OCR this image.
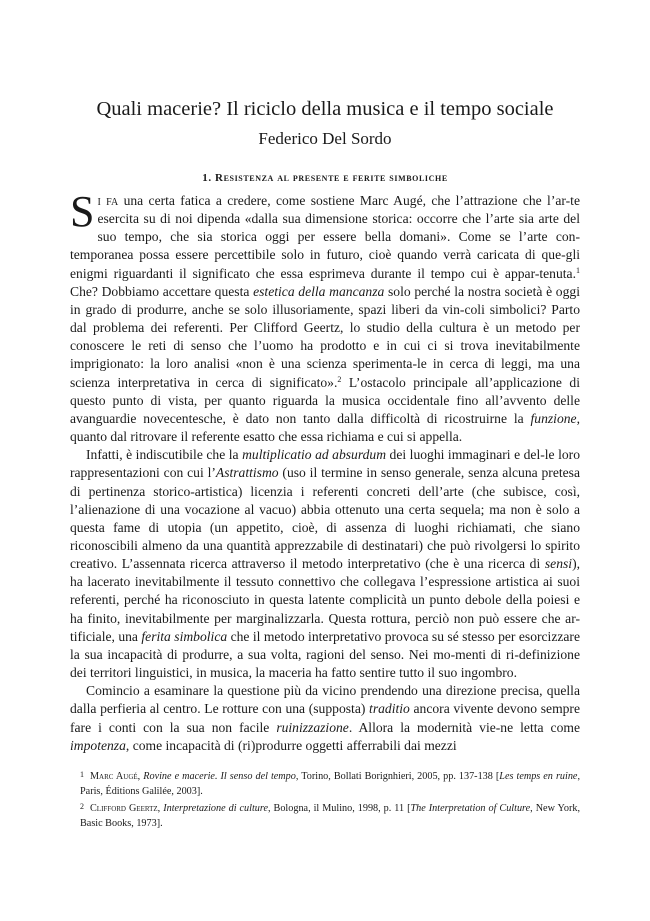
Quali macerie? Il riciclo della musica e il tempo sociale
Federico Del Sordo
1. Resistenza al presente e ferite simboliche

Si fa una certa fatica a credere, come sostiene Marc Augé, che l’attrazione che l’ar-te esercita su di noi dipenda «dalla sua dimensione storica: occorre che l’arte sia arte del suo tempo, che sia storica oggi per essere bella domani». Come se l’arte con-temporanea possa essere percettibile solo in futuro, cioè quando verrà caricata di que-gli enigmi riguardanti il significato che essa esprimeva durante il tempo cui è appar-tenuta.$^1$ Che? Dobbiamo accettare questa estetica della mancanza solo perché la nostra società è oggi in grado di produrre, anche se solo illusoriamente, spazi liberi da vin-coli simbolici? Parto dal problema dei referenti. Per Clifford Geertz, lo studio della cultura è un metodo per conoscere le reti di senso che l’uomo ha prodotto e in cui ci si trova inevitabilmente imprigionato: la loro analisi «non è una scienza sperimenta-le in cerca di leggi, ma una scienza interpretativa in cerca di significato».$^2$ L’ostacolo principale all’applicazione di questo punto di vista, per quanto riguarda la musica occidentale fino all’avvento delle avanguardie novecentesche, è dato non tanto dalla difficoltà di ricostruirne la funzione, quanto dal ritrovare il referente esatto che essa richiama e cui si appella.

Infatti, è indiscutibile che la multiplicatio ad absurdum dei luoghi immaginari e del-le loro rappresentazioni con cui l’Astrattismo (uso il termine in senso generale, senza alcuna pretesa di pertinenza storico-artistica) licenzia i referenti concreti dell’arte (che subisce, così, l’alienazione di una vocazione al vacuo) abbia ottenuto una certa sequela; ma non è solo a questa fame di utopia (un appetito, cioè, di assenza di luoghi richiamati, che siano riconoscibili almeno da una quantità apprezzabile di destinatari) che può rivolgersi lo spirito creativo. L’assennata ricerca attraverso il metodo interpretativo (che è una ricerca di sensi), ha lacerato inevitabilmente il tessuto connettivo che collegava l’espressione artistica ai suoi referenti, perché ha riconosciuto in questa latente complicità un punto debole della poiesi e ha finito, inevitabilmente per marginalizzarla. Questa rottura, perciò non può essere che ar-tificiale, una ferita simbolica che il metodo interpretativo provoca su sé stesso per esorcizzare la sua incapacità di produrre, a sua volta, ragioni del senso. Nei mo-menti di ri-definizione dei territori linguistici, in musica, la maceria ha fatto sentire tutto il suo ingombro.

Comincio a esaminare la questione più da vicino prendendo una direzione precisa, quella dalla perfieria al centro. Le rotture con una (supposta) traditio ancora vivente devono sempre fare i conti con la sua non facile ruinizzazione. Allora la modernità vie-ne letta come impotenza, come incapacità di (ri)produrre oggetti afferrabili dai mezzi

1 Marc Augé, Rovine e macerie. Il senso del tempo, Torino, Bollati Borignhieri, 2005, pp. 137-138 [Les temps en ruine, Paris, Éditions Galilée, 2003].

2 Clifford Geertz, Interpretazione di culture, Bologna, il Mulino, 1998, p. 11 [The Interpretation of Culture, New York, Basic Books, 1973].
